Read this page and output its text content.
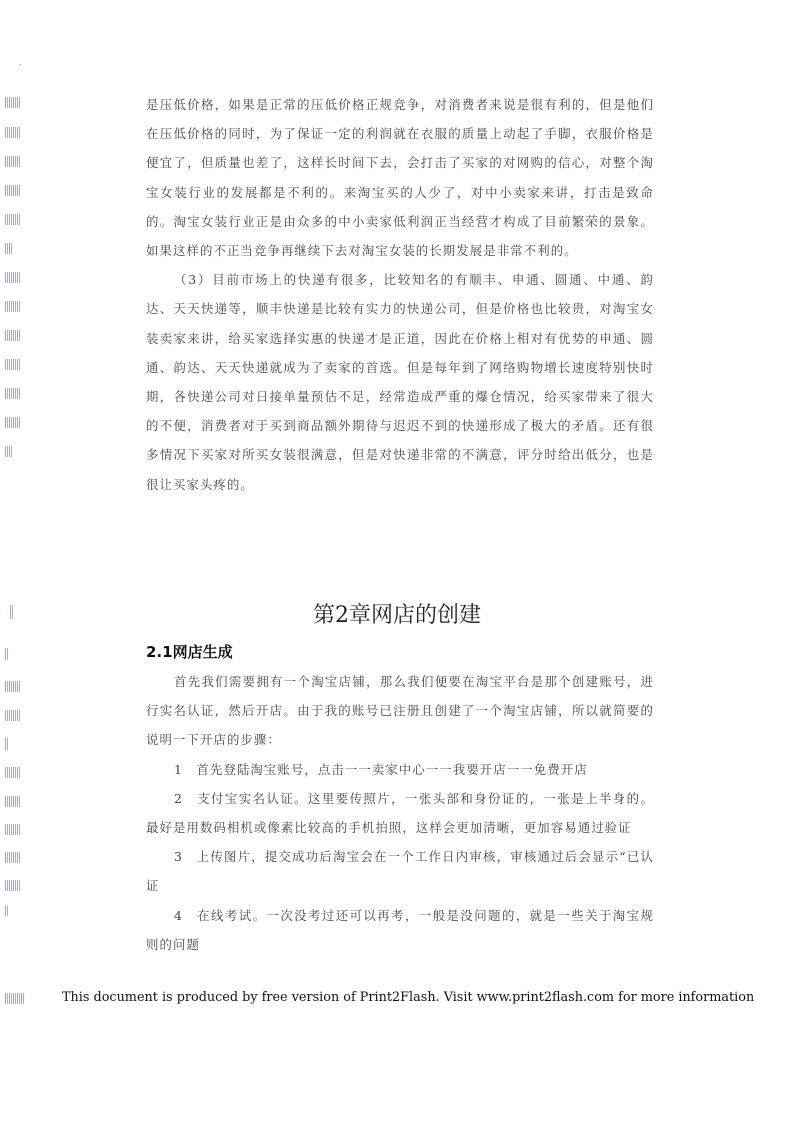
是压低价格，如果是正常的压低价格正规竞争，对消费者来说是很有利的，但是他们在压低价格的同时，为了保证一定的利润就在衣服的质量上动起了手脚，衣服价格是便宜了，但质量也差了，这样长时间下去，会打击了买家的对网购的信心，对整个淘宝女装行业的发展都是不利的。来淘宝买的人少了，对中小卖家来讲，打击是致命的。淘宝女装行业正是由众多的中小卖家低利润正当经营才构成了目前繁荣的景象。如果这样的不正当竞争再继续下去对淘宝女装的长期发展是非常不利的。

（3）目前市场上的快递有很多，比较知名的有顺丰、申通、圆通、中通、韵达、天天快递等，顺丰快递是比较有实力的快递公司，但是价格也比较贵，对淘宝女装卖家来讲，给买家选择实惠的快递才是正道，因此在价格上相对有优势的申通、圆通、韵达、天天快递就成为了卖家的首选。但是每年到了网络购物增长速度特别快时期，各快递公司对日接单量预估不足，经常造成严重的爆仓情况，给买家带来了很大的不便，消费者对于买到商品额外期待与迟迟不到的快递形成了极大的矛盾。还有很多情况下买家对所买女装很满意，但是对快递非常的不满意，评分时给出低分，也是很让买家头疼的。

第2章网店的创建
2.1网店生成

首先我们需要拥有一个淘宝店铺，那么我们便要在淘宝平台是那个创建账号，进行实名认证，然后开店。由于我的账号已注册且创建了一个淘宝店铺，所以就简要的说明一下开店的步骤：

1　首先登陆淘宝账号，点击一一卖家中心一一我要开店一一免费开店

2　支付宝实名认证。这里要传照片，一张头部和身份证的，一张是上半身的。最好是用数码相机或像素比较高的手机拍照，这样会更加清晰，更加容易通过验证

3　上传图片，提交成功后淘宝会在一个工作日内审核，审核通过后会显示“已认证

4　在线考试。一次没考过还可以再考，一般是没问题的，就是一些关于淘宝规则的问题

This document is produced by free version of Print2Flash. Visit www.print2flash.com for more information
